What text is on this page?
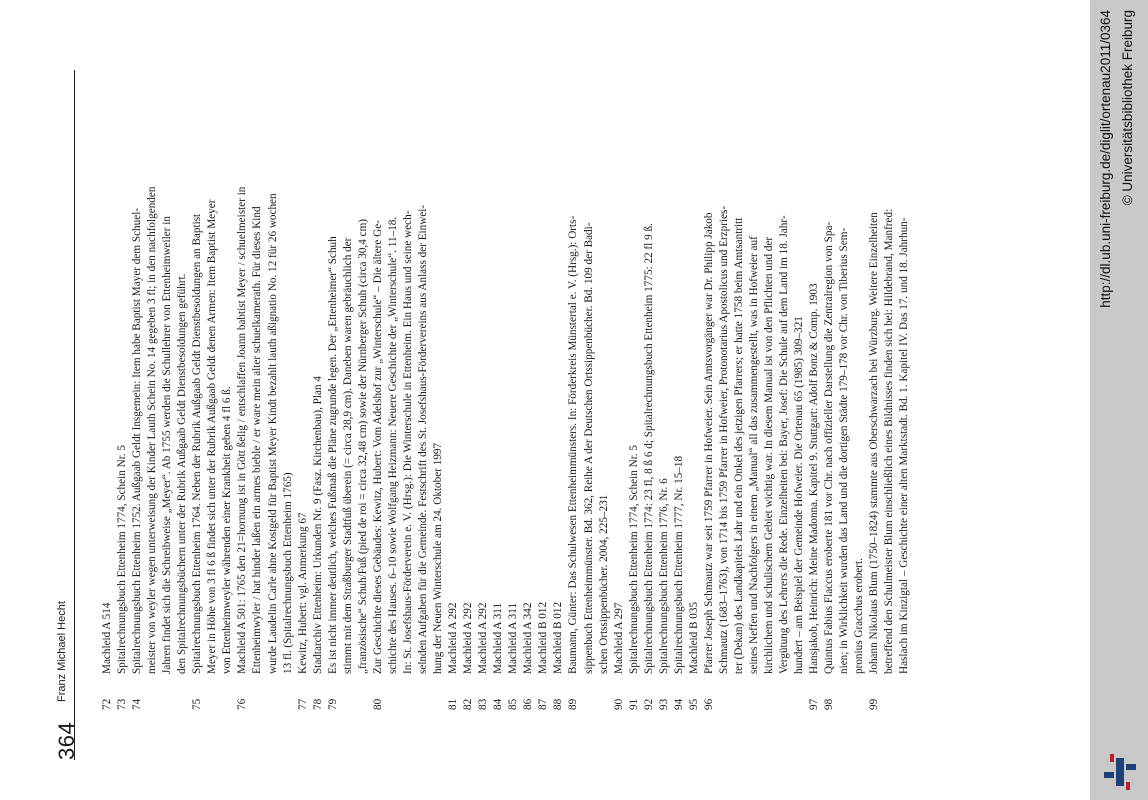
364
Franz Michael Hecht
72
Machleid A 514
73
Spitalrechnungsbuch Ettenheim 1774, Schein Nr. 5
74
Spitalrechnungsbuch Ettenheim 1752. Außgaab Geldt Insgemein: Item habe Baptist Mayer dem Schuel- meister von weyler wegen unterweisung der Kinder Lauth Schein No. 14 gegeben 3 fl; in den nachfolgenden Jahren findet sich die Schreibweise „Meyer“. Ab 1755 werden die Schullehrer von Ettenheimweiler in den Spitalrechnungsbüchern unter der Rubrik Außgaab Geldt Dienstbesoldungen geführt.
75
Spitalrechnungsbuch Ettenheim 1764. Neben der Rubrik Außgaab Geldt Dienstbesoldungen an Baptist Meyer in Höhe von 3 fl 6 ß findet sich unter der Rubrik Außgaab Geldt denen Armen: Item Baptist Meyer von Ettenheimweyler währenden einer Krankheit geben 4 fl 6 ß.
76
Machleid A 501: 1765 den 21=hornung ist in Gött ßelig / entschlaffen Joann babtist Meyer / schuelmeister in Ettenheimwyler / hat hinder laßen ein armes bieble / er ware mein alter schuelkamerath. Für dieses Kind wurde Laudelin Carle ahne Kostgeld für Baptist Meyer Kindt bezahlt lauth aßignatio No. 12 für 26 wochen 13 fl. (Spitalrechnungsbuch Ettenheim 1765)
77
Kewitz, Hubert: vgl. Anmerkung 67
78
Stadtarchiv Ettenheim: Urkunden Nr. 9 (Fasz. Kirchenbau), Plan 4
79
Es ist nicht immer deutlich, welches Fußmaß die Pläne zugrunde legen. Der „Ettenheimer“ Schuh stimmt mit dem Straßburger Stadtfuß überein (= circa 28,9 cm). Daneben waren gebräuchlich der „französische“ Schuh/Fuß (pied de roi = circa 32,48 cm) sowie der Nürnberger Schuh (circa 30,4 cm)
80
Zur Geschichte dieses Gebäudes: Kewitz, Hubert: Vom Adelshof zur „Winterschule“ – Die ältere Ge- schichte des Hauses. 6–10 sowie Wolfgang Heizmann: Neuere Geschichte der „Winterschule“. 11–18. In: St. Josefshaus-Förderverein e. V. (Hrsg.): Die Winterschule in Ettenheim. Ein Haus und seine wech- selnden Aufgaben für die Gemeinde. Festschrift des St. Josefshaus-Fördervereins aus Anlass der Einwei- hung der Neuen Winterschule am 24. Oktober 1997
81
Machleid A 292
82
Machleid A 292
83
Machleid A 292
84
Machleid A 311
85
Machleid A 311
86
Machleid A 342
87
Machleid B 012
88
Machleid B 012
89
Baumann, Günter: Das Schulwesen Ettenheimmünsters. In: Förderkreis Münstertal e. V. (Hrsg.): Orts- sippenbuch Ettenheimmünster. Bd. 362, Reihe A der Deutschen Ortssippenbücher. Bd. 109 der Badi- schen Ortssippenbücher. 2004, 225–231
90
Machleid A 297
91
Spitalrechnungsbuch Ettenheim 1774, Schein Nr. 5
92
Spitalrechnungsbuch Ettenheim 1774: 23 fl, 8 ß 6 d; Spitalrechnungsbuch Ettenheim 1775: 22 fl 9 ß.
93
Spitalrechnungsbuch Ettenheim 1776, Nr. 6
94
Spitalrechnungsbuch Ettenheim 1777, Nr. 15–18
95
Machleid B 035
96
Pfarrer Joseph Schmautz war seit 1759 Pfarrer in Hofweier. Sein Amtsvorgänger war Dr. Philipp Jakob Schmautz (1683–1763), von 1714 bis 1759 Pfarrer in Hofweier, Protonotarius Apostolicus und Erzpries- ter (Dekan) des Landkapitels Lahr und ein Onkel des jetzigen Pfarrers; er hatte 1758 beim Amtsantritt seines Neffen und Nachfolgers in einem „Manual“ all das zusammengestellt, was in Hofweier auf kirchlichem und schulischem Gebiet wichtig war. In diesem Manual ist von den Pflichten und der Vergütung des Lehrers die Rede. Einzelheiten bei: Bayer, Josef: Die Schule auf dem Land im 18. Jahr- hundert – am Beispiel der Gemeinde Hofweier. Die Ortenau 65 (1985) 309–321
97
Hansjakob, Heinrich: Meine Madonna. Kapitel 9. Stuttgart: Adolf Bonz & Comp. 1903
98
Quintus Fabius Flaccus eroberte 181 vor Chr. nach offizieller Darstellung die Zentralregion von Spa- nien; in Wirklichkeit wurden das Land und die dortigen Städte 179–178 vor Chr. von Tiberius Sem- pronius Gracchus erobert.
99
Johann Nikolaus Blum (1750–1824) stammte aus Oberschwarzach bei Würzburg. Weitere Einzelheiten betreffend den Schulmeister Blum einschließlich eines Bildnisses finden sich bei: Hildebrand, Manfred: Haslach im Kinzigtal – Geschichte einer alten Marktstadt. Bd. 1. Kapitel IV. Das 17. und 18. Jahrhun-
http://dl.ub.uni-freiburg.de/diglit/ortenau2011/0364 © Universitätsbibliothek Freiburg
